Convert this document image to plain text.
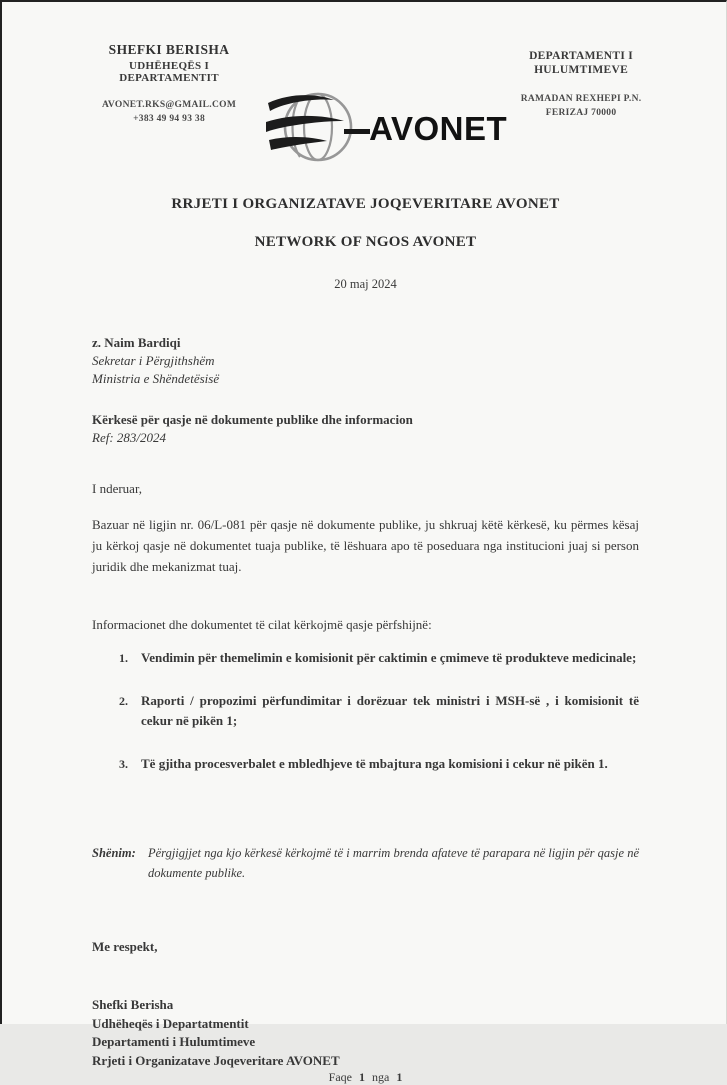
SHEFKI BERISHA
UDHËHEQËS I DEPARTAMENTIT
AVONET.RKS@GMAIL.COM
+383 49 94 93 38	AVONET
DEPARTAMENTI I
HULUMTIMEVE
RAMADAN REXHEPI P.N.
FERIZAJ 70000
RRJETI I ORGANIZATAVE JOQEVERITARE AVONET
NETWORK OF NGOS AVONET
20 maj 2024
z. Naim Bardiqi
Sekretar i Përgjithshëm
Ministria e Shëndetësisë
Kërkesë për qasje në dokumente publike dhe informacion
Ref: 283/2024
I nderuar,
Bazuar në ligjin nr. 06/L-081 për qasje në dokumente publike, ju shkruaj këtë kërkesë, ku përmes kësaj ju kërkoj qasje në dokumentet tuaja publike, të lëshuara apo të poseduara nga institucioni juaj si person juridik dhe mekanizmat tuaj.
Informacionet dhe dokumentet të cilat kërkojmë qasje përfshijnë:
1.	Vendimin për themelimin e komisionit për caktimin e çmimeve të produkteve medicinale;
2.	Raporti / propozimi përfundimitar i dorëzuar tek ministri i MSH-së , i komisionit të cekur në pikën 1;
3.	Të gjitha procesverbalet e mbledhjeve të mbajtura nga komisioni i cekur në pikën 1.
Shënim: Përgjigjjet nga kjo kërkesë kërkojmë të i marrim brenda afateve të parapara në ligjin për qasje në dokumente publike.
Me respekt,
Shefki Berisha
Udhëheqës i Departatmentit
Departamenti i Hulumtimeve
Rrjeti i Organizatave Joqeveritare AVONET
Faqe 1 nga 1
